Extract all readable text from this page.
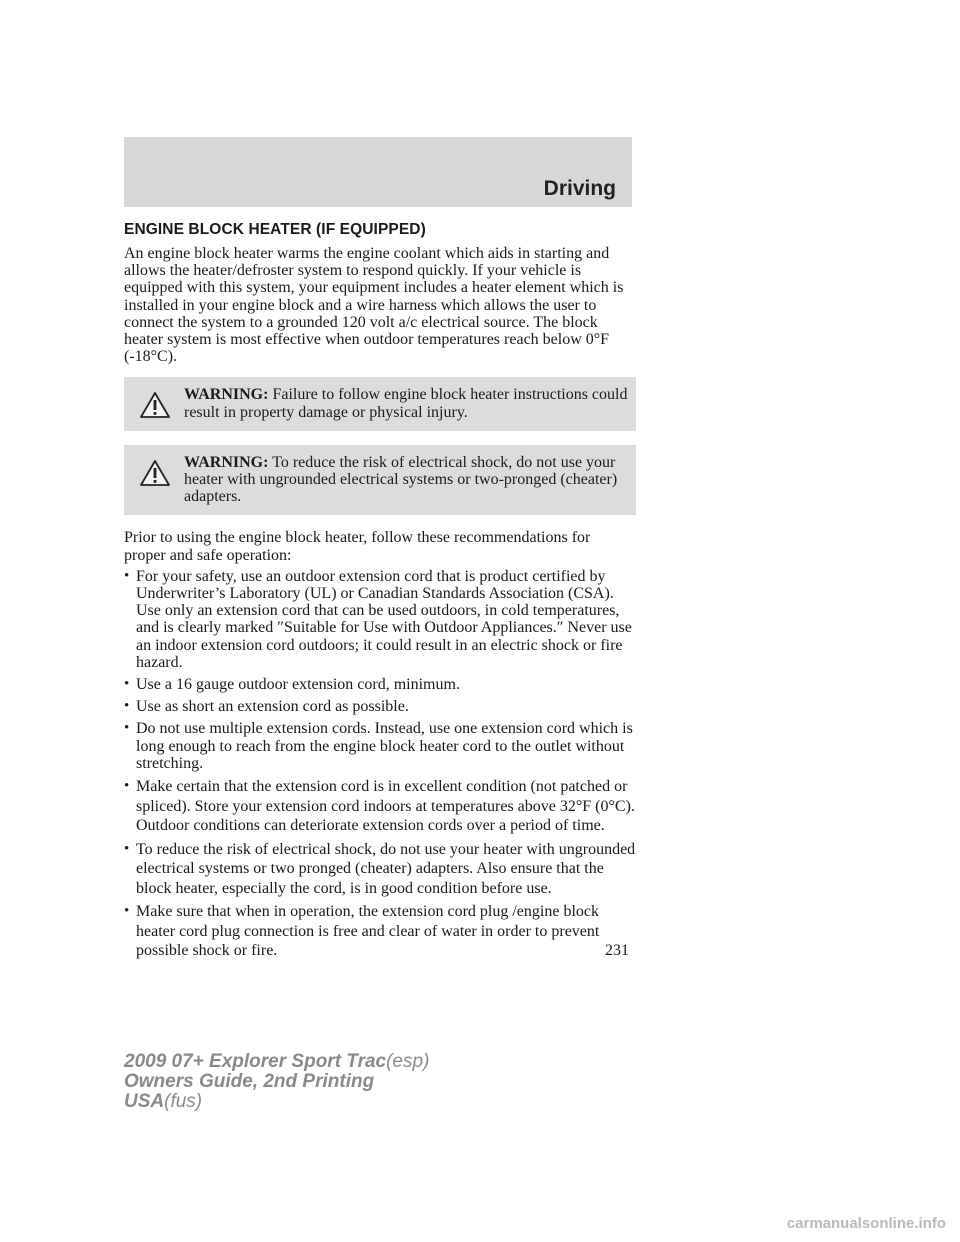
Driving
ENGINE BLOCK HEATER (IF EQUIPPED)

An engine block heater warms the engine coolant which aids in starting and allows the heater/defroster system to respond quickly. If your vehicle is equipped with this system, your equipment includes a heater element which is installed in your engine block and a wire harness which allows the user to connect the system to a grounded 120 volt a/c electrical source. The block heater system is most effective when outdoor temperatures reach below 0°F (-18°C).

WARNING: Failure to follow engine block heater instructions could result in property damage or physical injury.
WARNING: To reduce the risk of electrical shock, do not use your heater with ungrounded electrical systems or two-pronged (cheater) adapters.

Prior to using the engine block heater, follow these recommendations for proper and safe operation:

• For your safety, use an outdoor extension cord that is product certified by Underwriter’s Laboratory (UL) or Canadian Standards Association (CSA). Use only an extension cord that can be used outdoors, in cold temperatures, and is clearly marked ″Suitable for Use with Outdoor Appliances.″ Never use an indoor extension cord outdoors; it could result in an electric shock or fire hazard.
• Use a 16 gauge outdoor extension cord, minimum.
• Use as short an extension cord as possible.
• Do not use multiple extension cords. Instead, use one extension cord which is long enough to reach from the engine block heater cord to the outlet without stretching.
• Make certain that the extension cord is in excellent condition (not patched or spliced). Store your extension cord indoors at temperatures above 32°F (0°C). Outdoor conditions can deteriorate extension cords over a period of time.
• To reduce the risk of electrical shock, do not use your heater with ungrounded electrical systems or two pronged (cheater) adapters. Also ensure that the block heater, especially the cord, is in good condition before use.
• Make sure that when in operation, the extension cord plug /engine block heater cord plug connection is free and clear of water in order to prevent possible shock or fire.	231
2009 07+ Explorer Sport Trac(esp)
Owners Guide, 2nd Printing
USA(fus)
carmanualsonline.info
